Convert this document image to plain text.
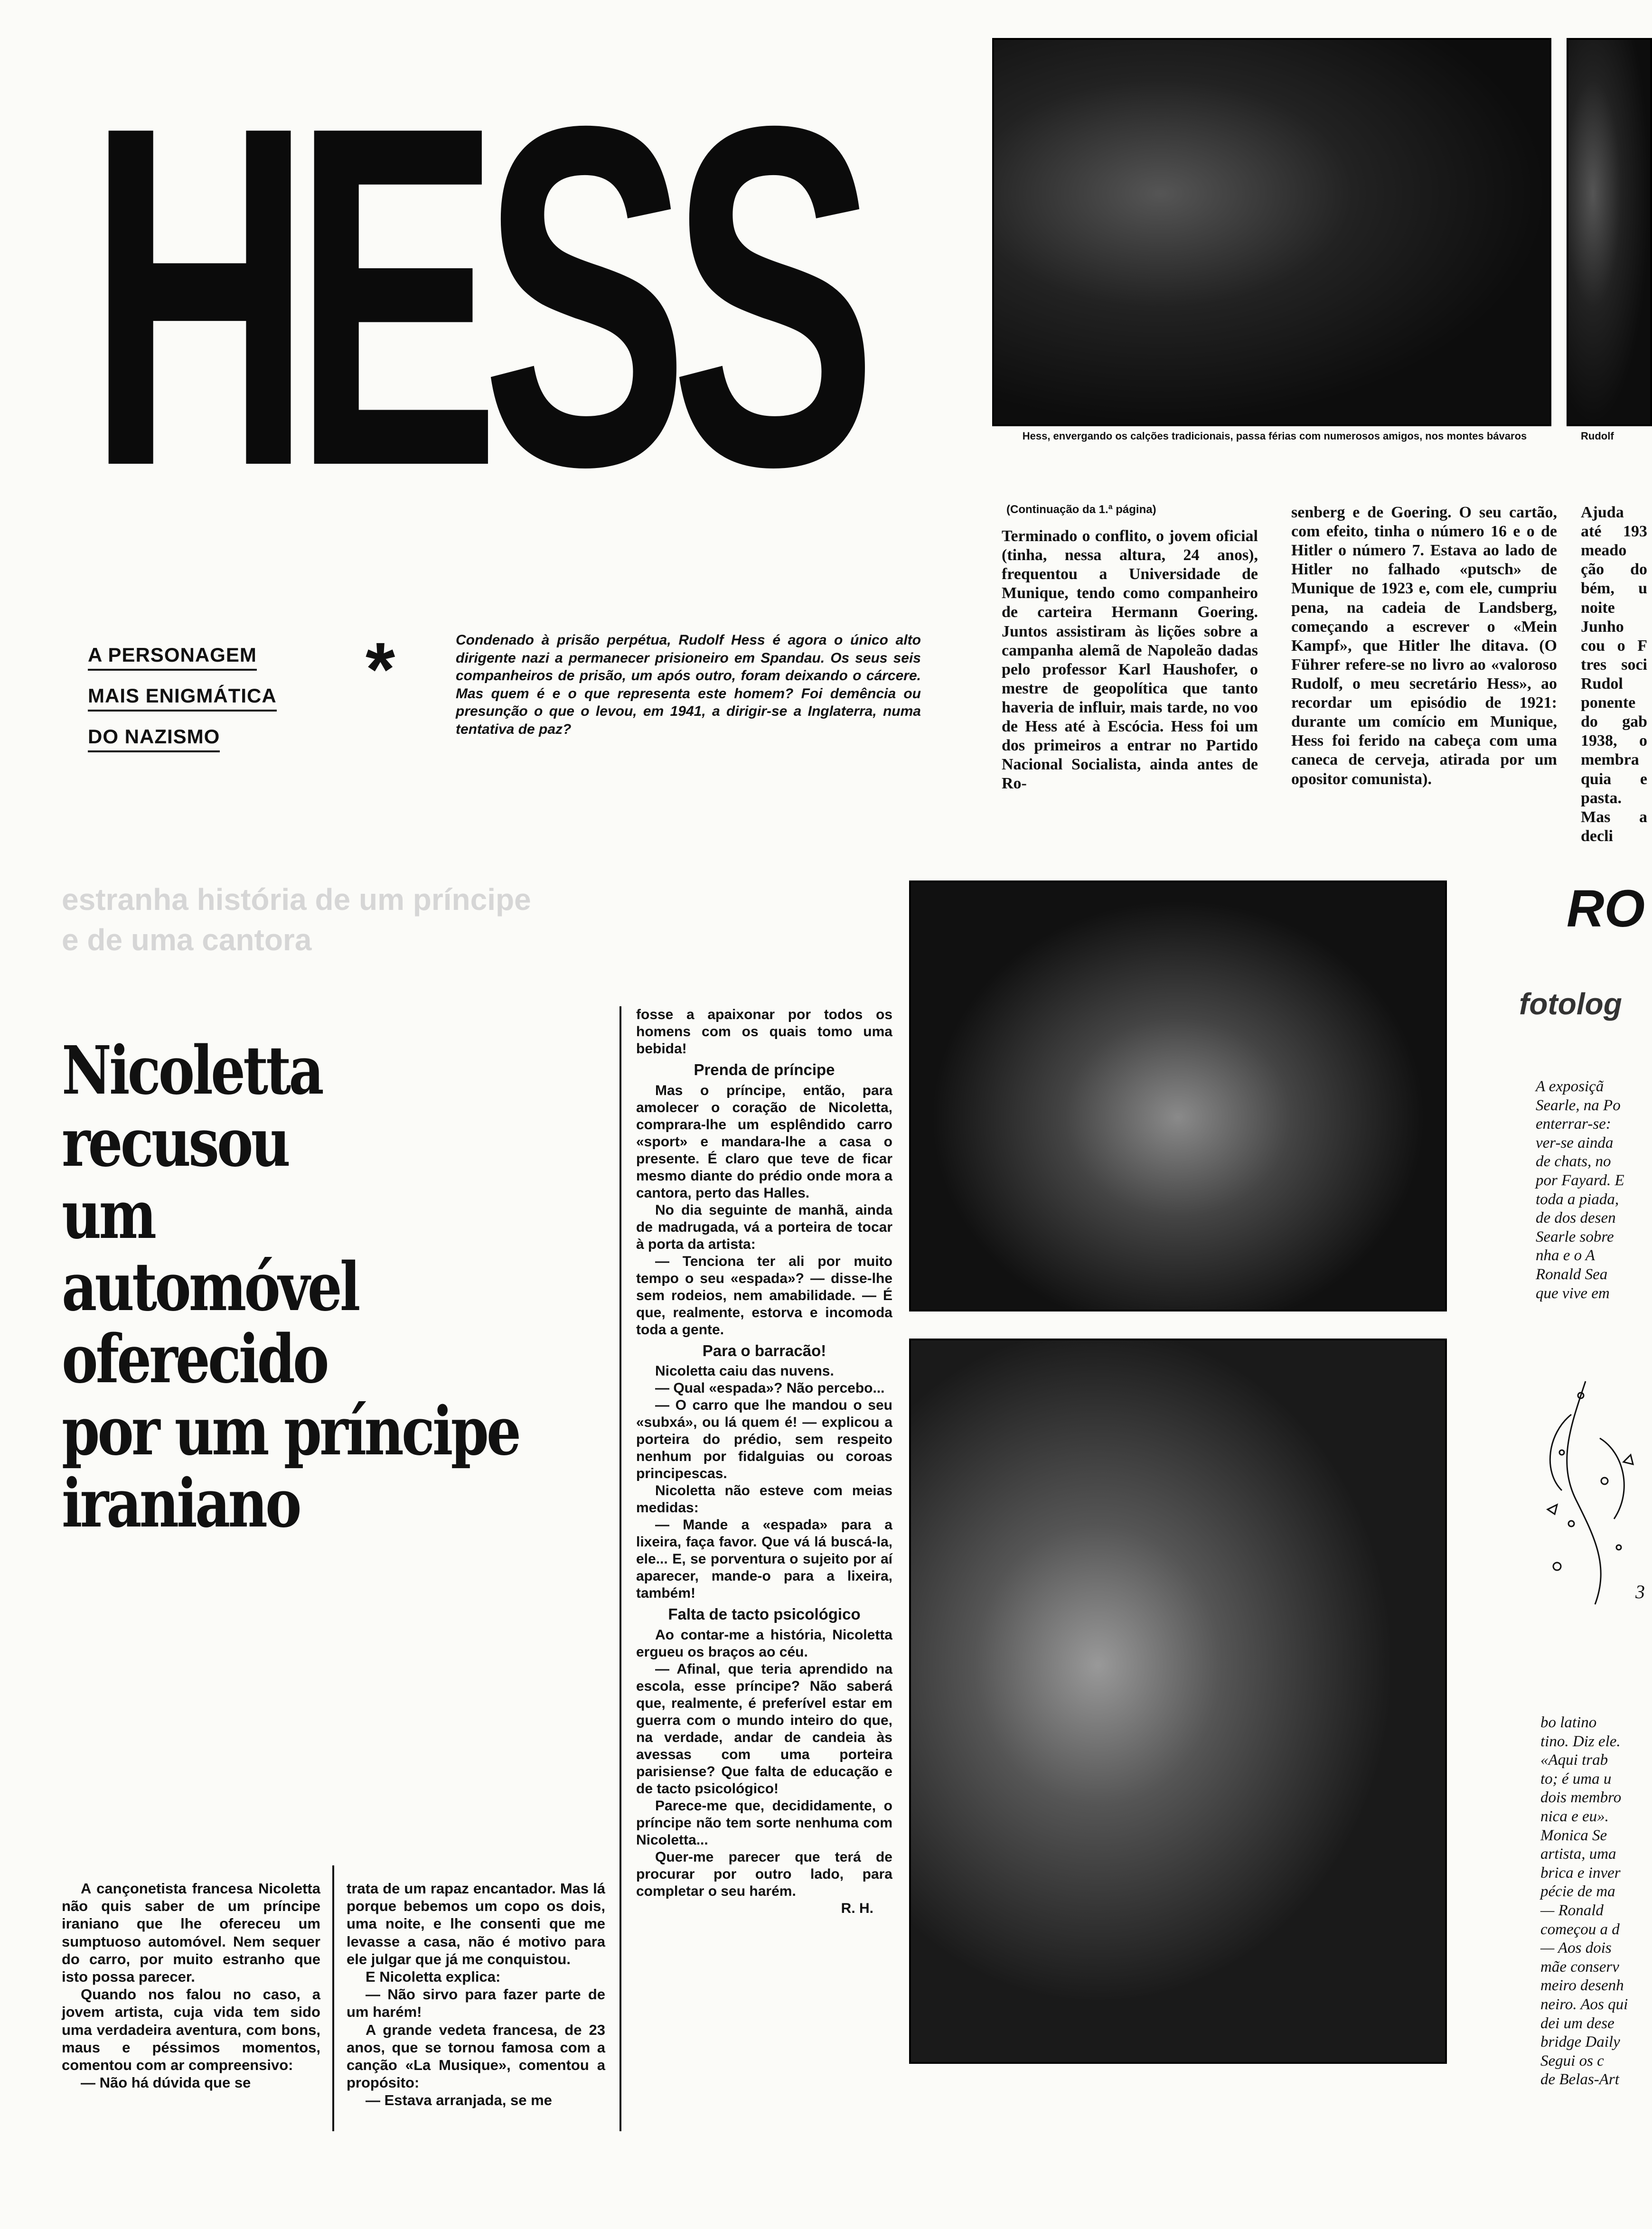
HESS	Hess, envergando os calções tradicionais, passa férias com numerosos amigos, nos montes bávaros	Rudolf
A PERSONAGEM
MAIS ENIGMÁTICA
DO NAZISMO
*	Condenado à prisão perpétua, Rudolf Hess é agora o único alto dirigente nazi a permanecer prisioneiro em Spandau. Os seus seis companheiros de prisão, um após outro, foram deixando o cárcere. Mas quem é e o que representa este homem? Foi demência ou presunção o que o levou, em 1941, a dirigir-se a Inglaterra, numa tentativa de paz?
(Continuação da 1.ª página)
Terminado o conflito, o jovem oficial (tinha, nessa altura, 24 anos), frequentou a Universidade de Munique, tendo como companheiro de carteira Hermann Goering. Juntos assistiram às lições sobre a campanha alemã de Napoleão dadas pelo professor Karl Haushofer, o mestre de geopolítica que tanto haveria de influir, mais tarde, no voo de Hess até à Escócia. Hess foi um dos primeiros a entrar no Partido Nacional Socialista, ainda antes de Ro-
senberg e de Goering. O seu cartão, com efeito, tinha o número 16 e o de Hitler o número 7. Estava ao lado de Hitler no falhado «putsch» de Munique de 1923 e, com ele, cumpriu pena, na cadeia de Landsberg, começando a escrever o «Mein Kampf», que Hitler lhe ditava. (O Führer refere-se no livro ao «valoroso Rudolf, o meu secretário Hess», ao recordar um episódio de 1921: durante um comício em Munique, Hess foi ferido na cabeça com uma caneca de cerveja, atirada por um opositor comunista).
Ajuda até 193 meado ção do bém, u noite Junho cou o F tres soci Rudol ponente do gab 1938, o membra quia e pasta. Mas a decli
estranha história de um príncipe
e de uma cantora
Nicoletta
recusou
um
automóvel
oferecido
por um príncipe
iraniano

A cançonetista francesa Nicoletta não quis saber de um príncipe iraniano que lhe ofereceu um sumptuoso automóvel. Nem sequer do carro, por muito estranho que isto possa parecer.

Quando nos falou no caso, a jovem artista, cuja vida tem sido uma verdadeira aventura, com bons, maus e péssimos momentos, comentou com ar compreensivo:

— Não há dúvida que se

trata de um rapaz encantador. Mas lá porque bebemos um copo os dois, uma noite, e lhe consenti que me levasse a casa, não é motivo para ele julgar que já me conquistou.

E Nicoletta explica:

— Não sirvo para fazer parte de um harém!

A grande vedeta francesa, de 23 anos, que se tornou famosa com a canção «La Musique», comentou a propósito:

— Estava arranjada, se me

fosse a apaixonar por todos os homens com os quais tomo uma bebida!

Prenda de príncipe

Mas o príncipe, então, para amolecer o coração de Nicoletta, comprara-lhe um esplêndido carro «sport» e mandara-lhe a casa o presente. É claro que teve de ficar mesmo diante do prédio onde mora a cantora, perto das Halles.

No dia seguinte de manhã, ainda de madrugada, vá a porteira de tocar à porta da artista:

— Tenciona ter ali por muito tempo o seu «espada»? — disse-lhe sem rodeios, nem amabilidade. — É que, realmente, estorva e incomoda toda a gente.

Para o barracão!

Nicoletta caiu das nuvens.

— Qual «espada»? Não percebo...

— O carro que lhe mandou o seu «subxá», ou lá quem é! — explicou a porteira do prédio, sem respeito nenhum por fidalguias ou coroas principescas.

Nicoletta não esteve com meias medidas:

— Mande a «espada» para a lixeira, faça favor. Que vá lá buscá-la, ele... E, se porventura o sujeito por aí aparecer, mande-o para a lixeira, também!

Falta de tacto psicológico

Ao contar-me a história, Nicoletta ergueu os braços ao céu.

— Afinal, que teria aprendido na escola, esse príncipe? Não saberá que, realmente, é preferível estar em guerra com o mundo inteiro do que, na verdade, andar de candeia às avessas com uma porteira parisiense? Que falta de educação e de tacto psicológico!

Parece-me que, decididamente, o príncipe não tem sorte nenhuma com Nicoletta...

Quer-me parecer que terá de procurar por outro lado, para completar o seu harém.

R. H.

RO
fotolog
A exposiçã
Searle, na Po
enterrar-se:
ver-se ainda
de chats, no
por Fayard. E
toda a piada,
de dos desen
Searle sobre
nha e o A
Ronald Sea
que vive em
3
bo latino
tino. Diz ele.
«Aqui trab
to; é uma u
dois membro
nica e eu».
Monica Se
artista, uma
brica e inver
pécie de ma
— Ronald
começou a d
— Aos dois
mãe conserv
meiro desenh
neiro. Aos qui
dei um dese
bridge Daily
Segui os c
de Belas-Art
